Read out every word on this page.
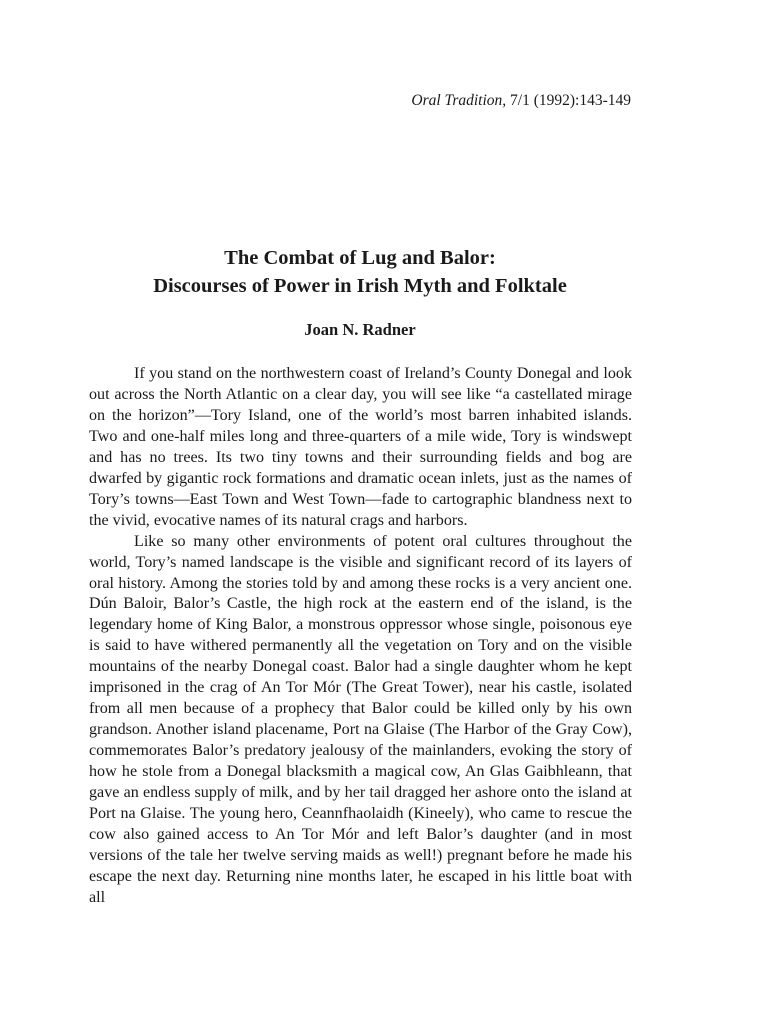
Oral Tradition, 7/1 (1992):143-149
The Combat of Lug and Balor:
Discourses of Power in Irish Myth and Folktale
Joan N. Radner

If you stand on the northwestern coast of Ireland’s County Donegal and look out across the North Atlantic on a clear day, you will see like “a castellated mirage on the horizon”—Tory Island, one of the world’s most barren inhabited islands. Two and one-half miles long and three-quarters of a mile wide, Tory is windswept and has no trees. Its two tiny towns and their surrounding fields and bog are dwarfed by gigantic rock formations and dramatic ocean inlets, just as the names of Tory’s towns—East Town and West Town—fade to cartographic blandness next to the vivid, evocative names of its natural crags and harbors.

Like so many other environments of potent oral cultures throughout the world, Tory’s named landscape is the visible and significant record of its layers of oral history. Among the stories told by and among these rocks is a very ancient one. Dún Baloir, Balor’s Castle, the high rock at the eastern end of the island, is the legendary home of King Balor, a monstrous oppressor whose single, poisonous eye is said to have withered permanently all the vegetation on Tory and on the visible mountains of the nearby Donegal coast. Balor had a single daughter whom he kept imprisoned in the crag of An Tor Mór (The Great Tower), near his castle, isolated from all men because of a prophecy that Balor could be killed only by his own grandson. Another island placename, Port na Glaise (The Harbor of the Gray Cow), commemorates Balor’s predatory jealousy of the mainlanders, evoking the story of how he stole from a Donegal blacksmith a magical cow, An Glas Gaibhleann, that gave an endless supply of milk, and by her tail dragged her ashore onto the island at Port na Glaise. The young hero, Ceannfhaolaidh (Kineely), who came to rescue the cow also gained access to An Tor Mór and left Balor’s daughter (and in most versions of the tale her twelve serving maids as well!) pregnant before he made his escape the next day. Returning nine months later, he escaped in his little boat with all
